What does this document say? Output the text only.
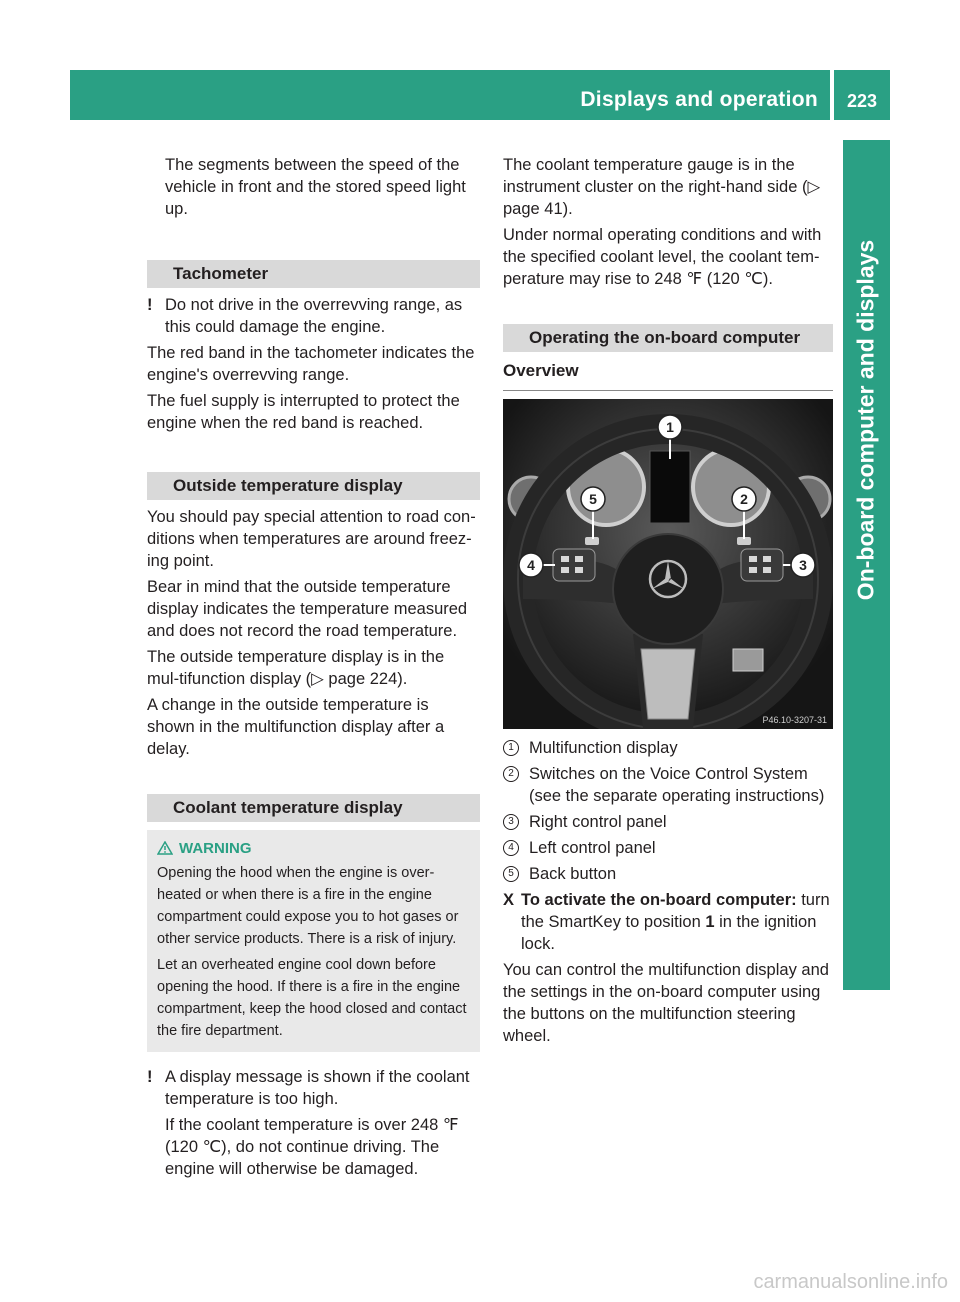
Displays and operation	223
On-board computer and displays

The segments between the speed of the vehicle in front and the stored speed light up.

Tachometer

! Do not drive in the overrevving range, as this could damage the engine.

The red band in the tachometer indicates the engine's overrevving range.

The fuel supply is interrupted to protect the engine when the red band is reached.

Outside temperature display

You should pay special attention to road con-ditions when temperatures are around freez-ing point.

Bear in mind that the outside temperature display indicates the temperature measured and does not record the road temperature.

The outside temperature display is in the mul-tifunction display (▷ page 224).

A change in the outside temperature is shown in the multifunction display after a delay.

Coolant temperature display
WARNING

Opening the hood when the engine is over-heated or when there is a fire in the engine compartment could expose you to hot gases or other service products. There is a risk of injury.

Let an overheated engine cool down before opening the hood. If there is a fire in the engine compartment, keep the hood closed and contact the fire department.

! A display message is shown if the coolant temperature is too high.

If the coolant temperature is over 248 ℉ (120 ℃), do not continue driving. The engine will otherwise be damaged.

The coolant temperature gauge is in the instrument cluster on the right-hand side (▷ page 41).

Under normal operating conditions and with the specified coolant level, the coolant tem-perature may rise to 248 ℉ (120 ℃).

Operating the on-board computer

Overview

1
2
3
4
5
P46.10-3207-31

1 Multifunction display

2 Switches on the Voice Control System (see the separate operating instructions)

3 Right control panel

4 Left control panel

5 Back button

X To activate the on-board computer: turn the SmartKey to position 1 in the ignition lock.

You can control the multifunction display and the settings in the on-board computer using the buttons on the multifunction steering wheel.

carmanualsonline.info
